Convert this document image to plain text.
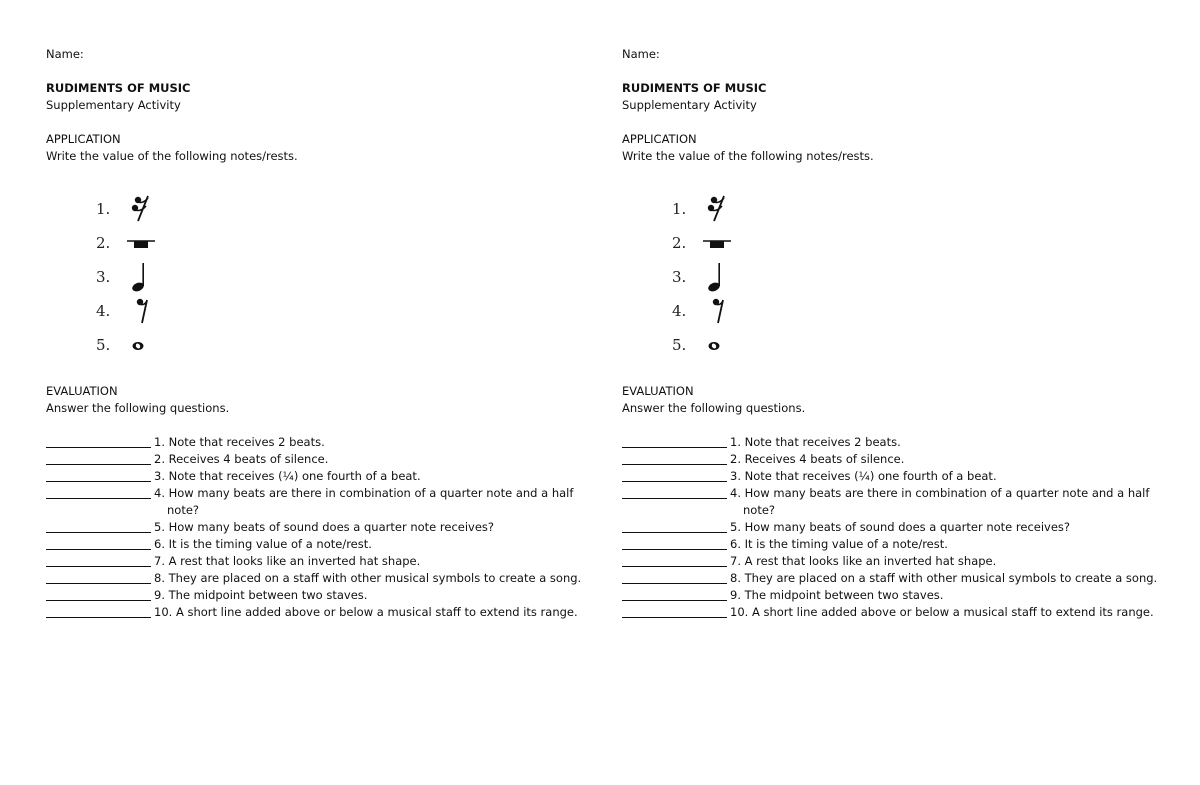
Name:
RUDIMENTS OF MUSIC
Supplementary Activity
APPLICATION
Write the value of the following notes/rests.
1.
2.
3.
4.
5.
EVALUATION
Answer the following questions.
1. Note that receives 2 beats.
2. Receives 4 beats of silence.
3. Note that receives (¼) one fourth of a beat.
4. How many beats are there in combination of a quarter note and a half
note?
5. How many beats of sound does a quarter note receives?
6. It is the timing value of a note/rest.
7. A rest that looks like an inverted hat shape.
8. They are placed on a staff with other musical symbols to create a song.
9. The midpoint between two staves.
10. A short line added above or below a musical staff to extend its range.
Name:
RUDIMENTS OF MUSIC
Supplementary Activity
APPLICATION
Write the value of the following notes/rests.
1.
2.
3.
4.
5.
EVALUATION
Answer the following questions.
1. Note that receives 2 beats.
2. Receives 4 beats of silence.
3. Note that receives (¼) one fourth of a beat.
4. How many beats are there in combination of a quarter note and a half
note?
5. How many beats of sound does a quarter note receives?
6. It is the timing value of a note/rest.
7. A rest that looks like an inverted hat shape.
8. They are placed on a staff with other musical symbols to create a song.
9. The midpoint between two staves.
10. A short line added above or below a musical staff to extend its range.
